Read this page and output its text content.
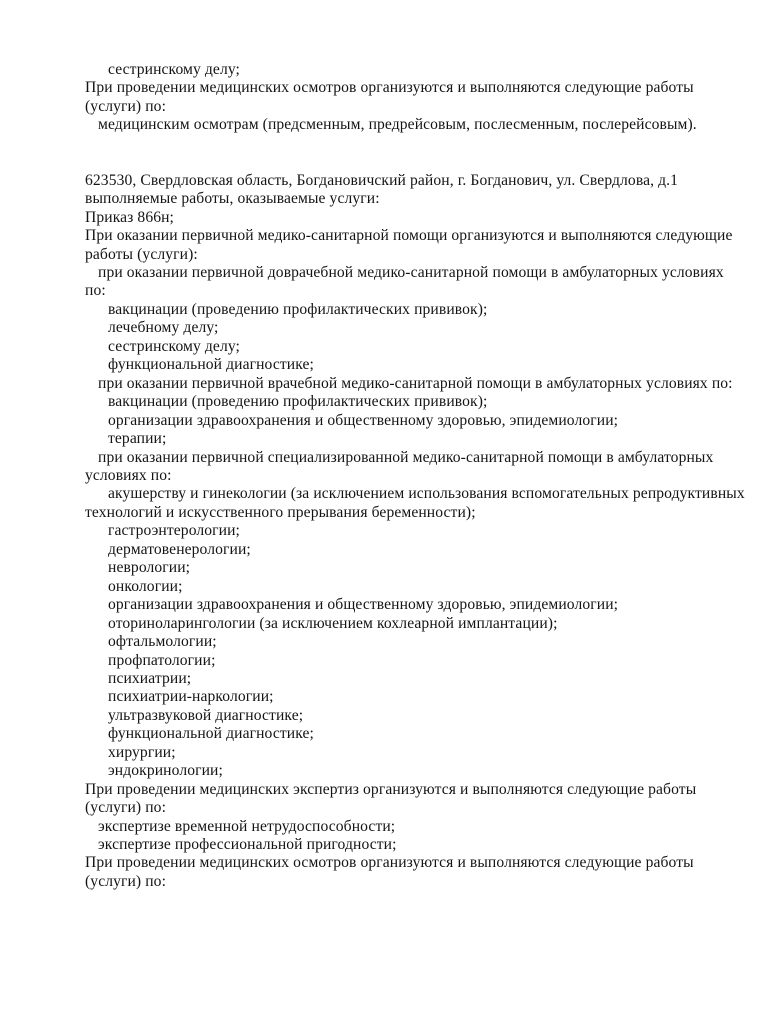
сестринскому делу;
При проведении медицинских осмотров организуются и выполняются следующие работы
(услуги) по:
медицинским осмотрам (предсменным, предрейсовым, послесменным, послерейсовым).

623530, Свердловская область, Богдановичский район, г. Богданович, ул. Свердлова, д.1
выполняемые работы, оказываемые услуги:
Приказ 866н;
При оказании первичной медико-санитарной помощи организуются и выполняются следующие
работы (услуги):
при оказании первичной доврачебной медико-санитарной помощи в амбулаторных условиях
по:
вакцинации (проведению профилактических прививок);
лечебному делу;
сестринскому делу;
функциональной диагностике;
при оказании первичной врачебной медико-санитарной помощи в амбулаторных условиях по:
вакцинации (проведению профилактических прививок);
организации здравоохранения и общественному здоровью, эпидемиологии;
терапии;
при оказании первичной специализированной медико-санитарной помощи в амбулаторных
условиях по:
акушерству и гинекологии (за исключением использования вспомогательных репродуктивных
технологий и искусственного прерывания беременности);
гастроэнтерологии;
дерматовенерологии;
неврологии;
онкологии;
организации здравоохранения и общественному здоровью, эпидемиологии;
оториноларингологии (за исключением кохлеарной имплантации);
офтальмологии;
профпатологии;
психиатрии;
психиатрии-наркологии;
ультразвуковой диагностике;
функциональной диагностике;
хирургии;
эндокринологии;
При проведении медицинских экспертиз организуются и выполняются следующие работы
(услуги) по:
экспертизе временной нетрудоспособности;
экспертизе профессиональной пригодности;
При проведении медицинских осмотров организуются и выполняются следующие работы
(услуги) по:
